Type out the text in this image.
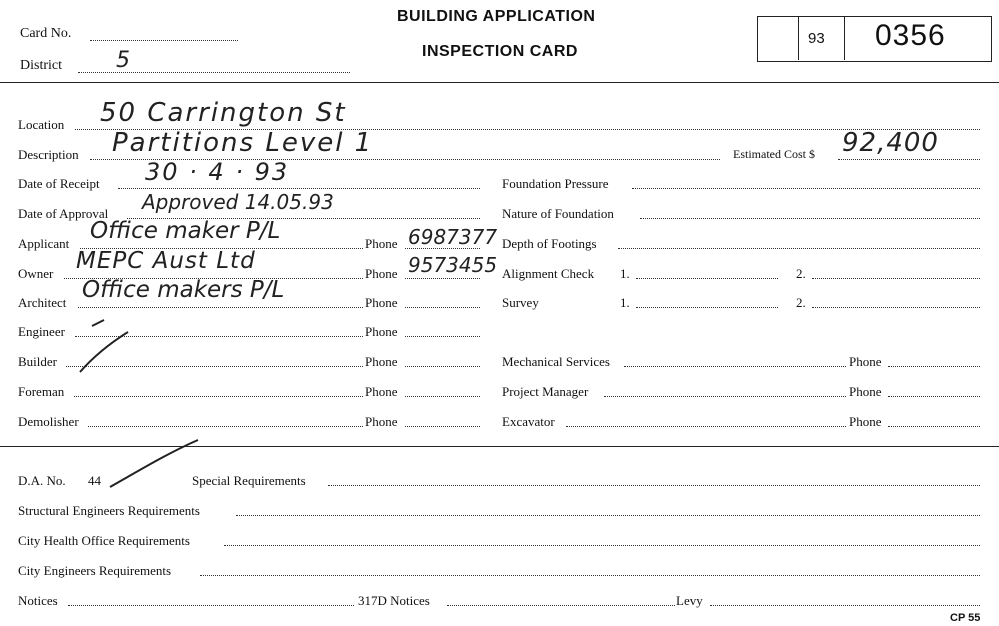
Card No.
District 5
BUILDING APPLICATION
INSPECTION CARD
93 0356
Location 50 Carrington St
Description Partitions Level 1	Estimated Cost $ 92,400
Date of Receipt 30 · 4 · 93
Date of Approval Approved 14.05.93
Applicant Office maker P/L	Phone 6987377
Owner MEPC Aust Ltd	Phone 9573455
Architect Office makers P/L	Phone
Engineer	Phone
Builder	Phone
Foreman	Phone
Demolisher	Phone
Foundation Pressure
Nature of Foundation
Depth of Footings
Alignment Check 1.	2.
Survey	1.	2.
Mechanical Services	Phone
Project Manager	Phone
Excavator	Phone
D.A. No. 44	Special Requirements
Structural Engineers Requirements
City Health Office Requirements
City Engineers Requirements
Notices	317D Notices	Levy
CP 55
